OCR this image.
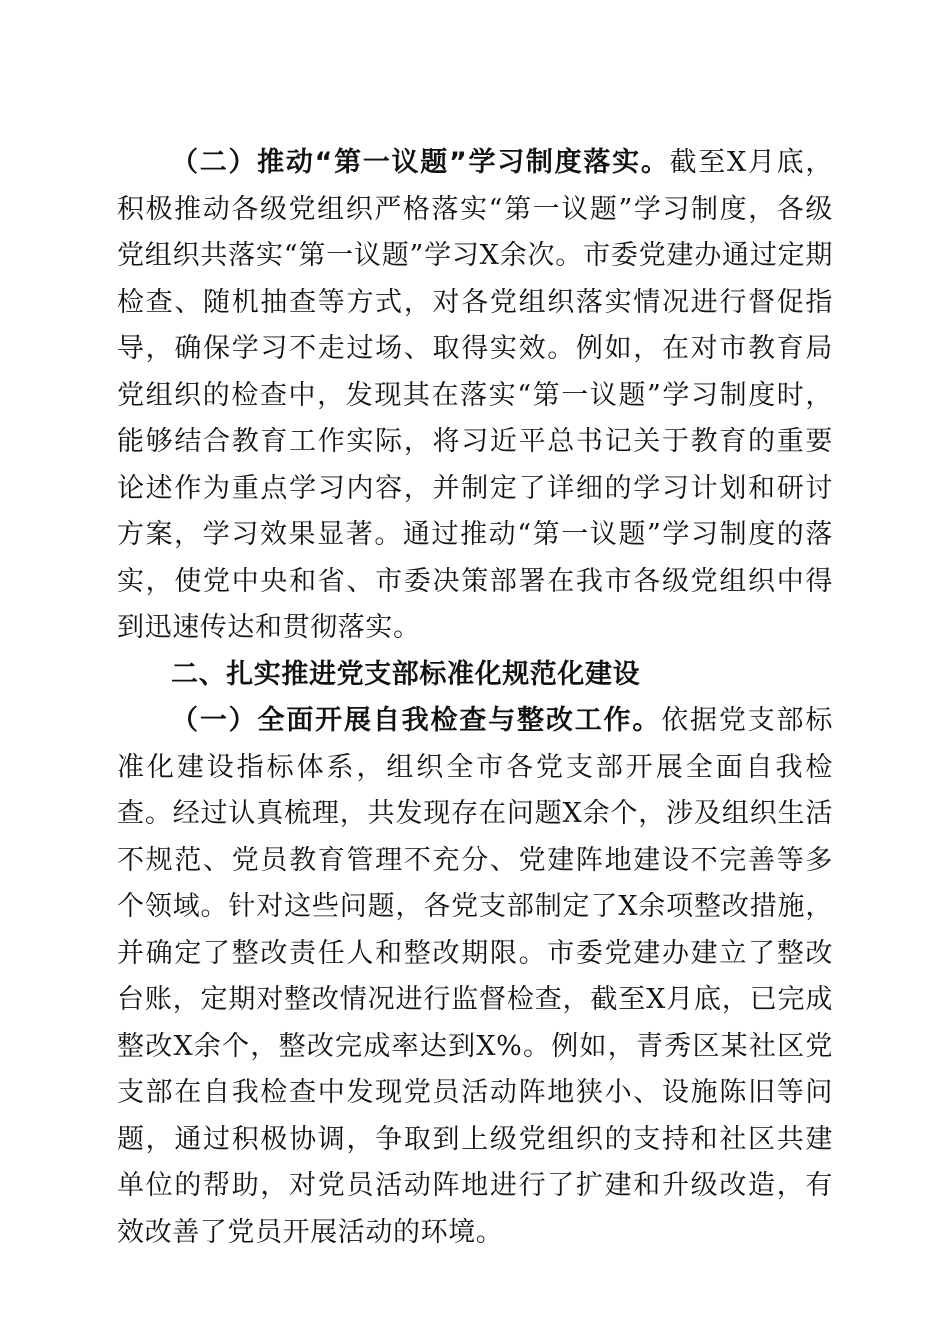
（二）推动“第一议题”学习制度落实。截至X月底，积极推动各级党组织严格落实“第一议题”学习制度，各级党组织共落实“第一议题”学习X余次。市委党建办通过定期检查、随机抽查等方式，对各党组织落实情况进行督促指导，确保学习不走过场、取得实效。例如，在对市教育局党组织的检查中，发现其在落实“第一议题”学习制度时，能够结合教育工作实际，将习近平总书记关于教育的重要论述作为重点学习内容，并制定了详细的学习计划和研讨方案，学习效果显著。通过推动“第一议题”学习制度的落实，使党中央和省、市委决策部署在我市各级党组织中得到迅速传达和贯彻落实。

二、扎实推进党支部标准化规范化建设

（一）全面开展自我检查与整改工作。依据党支部标准化建设指标体系，组织全市各党支部开展全面自我检查。经过认真梳理，共发现存在问题X余个，涉及组织生活不规范、党员教育管理不充分、党建阵地建设不完善等多个领域。针对这些问题，各党支部制定了X余项整改措施，并确定了整改责任人和整改期限。市委党建办建立了整改台账，定期对整改情况进行监督检查，截至X月底，已完成整改X余个，整改完成率达到X%。例如，青秀区某社区党支部在自我检查中发现党员活动阵地狭小、设施陈旧等问题，通过积极协调，争取到上级党组织的支持和社区共建单位的帮助，对党员活动阵地进行了扩建和升级改造，有效改善了党员开展活动的环境。
